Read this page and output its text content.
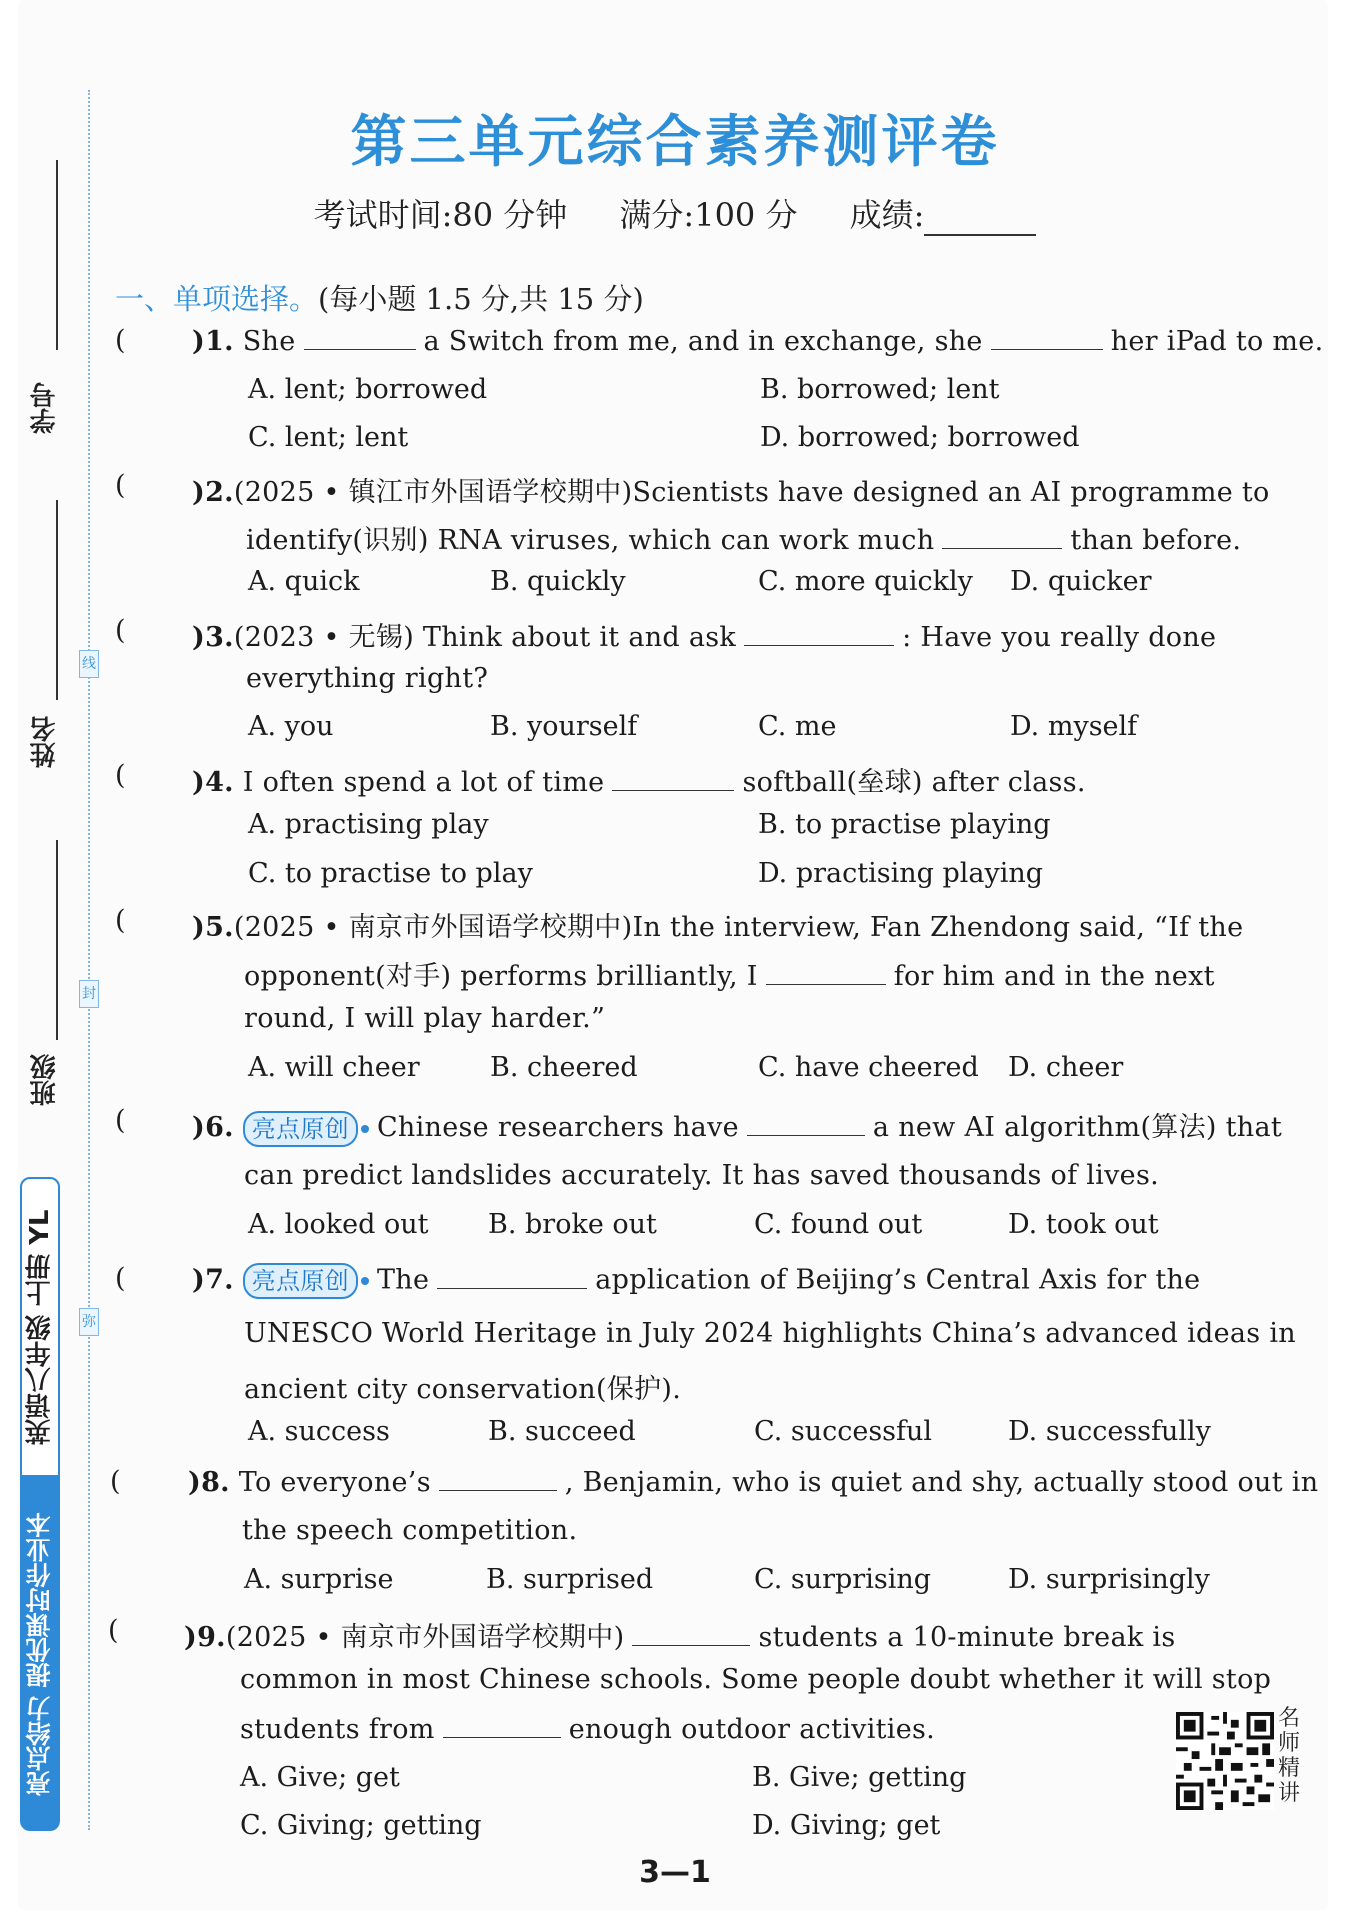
线
封
弥
学号
姓名
班级
英语八年级 上册 YL
亮点给力 提优课时作业本
第三单元综合素养测评卷
考试时间:80 分钟 满分:100 分 成绩:
一、单项选择。(每小题 1.5 分,共 15 分)
( )1. She	a Switch from me, and in exchange, she	her iPad to me.
A. lent; borrowed	B. borrowed; lent
C. lent; lent	D. borrowed; borrowed
( )2.(2025 • 镇江市外国语学校期中)Scientists have designed an AI programme to
identify(识别) RNA viruses, which can work much	than before.
A. quick	B. quickly	C. more quickly D. quicker
( )3.(2023 • 无锡) Think about it and ask	: Have you really done
everything right?
A. you	B. yourself	C. me	D. myself
( )4. I often spend a lot of time	softball(垒球) after class.
A. practising play	B. to practise playing
C. to practise to play	D. practising playing
( )5.(2025 • 南京市外国语学校期中)In the interview, Fan Zhendong said, “If the
opponent(对手) performs brilliantly, I	for him and in the next
round, I will play harder.”
A. will cheer	B. cheered	C. have cheered D. cheer
( )6. 亮点原创 Chinese researchers have	a new AI algorithm(算法) that
can predict landslides accurately. It has saved thousands of lives.
A. looked out B. broke out	C. found out	D. took out
( )7. 亮点原创 The	application of Beijing’s Central Axis for the
UNESCO World Heritage in July 2024 highlights China’s advanced ideas in
ancient city conservation(保护).
A. success	B. succeed	C. successful	D. successfully
( )8. To everyone’s	, Benjamin, who is quiet and shy, actually stood out in
the speech competition.
A. surprise	B. surprised	C. surprising	D. surprisingly
( )9.(2025 • 南京市外国语学校期中)	students a 10-minute break is
common in most Chinese schools. Some people doubt whether it will stop
students from	enough outdoor activities.
A. Give; get	B. Give; getting
C. Giving; getting	D. Giving; get
名师精讲
3—1
